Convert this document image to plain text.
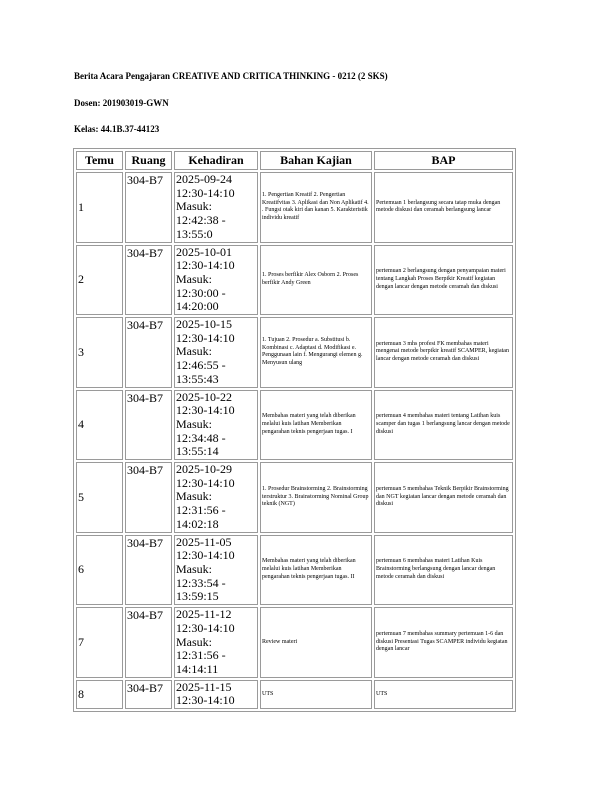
Berita Acara Pengajaran CREATIVE AND CRITICA THINKING - 0212 (2 SKS)
Dosen: 201903019-GWN
Kelas: 44.1B.37-44123
Temu	Ruang	Kehadiran	Bahan Kajian	BAP
1	304-B7	2025-09-24
12:30-14:10
Masuk:
12:42:38 -
13:55:0	1. Pengertian Kreatif 2. Pengertian Kreatifvitas 3. Aplikasi dan Non Aplikatif 4. . Fungsi otak kiri dan kanan 5. Karakteristik individu kreatif	Pertemuan 1 berlangsung secara tatap muka dengan metode diskusi dan ceramah berlangsung lancar
2	304-B7	2025-10-01
12:30-14:10
Masuk:
12:30:00 -
14:20:00	1. Proses berfikir Alex Osborn 2. Proses berfikir Andy Green	pertemuan 2 berlangsung dengan penyampaian materi tentang Langkah Proses Berpikir Kreatif kegiatan dengan lancar dengan metode ceramah dan diskusi
3	304-B7	2025-10-15
12:30-14:10
Masuk:
12:46:55 -
13:55:43	1. Tujuan 2. Prosedur a. Substitusi b. Kombinasi c. Adaptasi d. Modifikasi e. Penggunaan lain f. Mengurangi elemen g. Menyusun ulang	pertemuan 3 mhs profesi FK membahas materi mengenai metode berpikir kreatif SCAMPER, kegiatan lancar dengan metode ceramah dan diskusi
4	304-B7	2025-10-22
12:30-14:10
Masuk:
12:34:48 -
13:55:14	Membahas materi yang telah diberikan melalui kuis latihan Memberikan pengarahan teknis pengerjaan tugas. I	pertemuan 4 membahas materi tentang Latihan kuis scamper dan tugas 1 berlangsung lancar dengan metode diskusi
5	304-B7	2025-10-29
12:30-14:10
Masuk:
12:31:56 -
14:02:18	1. Prosedur Brainstorming 2. Brainstorming terstruktur 3. Brainstorming Nominal Group teknik (NGT)	pertemuan 5 membahas Teknik Berpikir Brainstorming dan NGT kegiatan lancar dengan metode ceramah dan diskusi
6	304-B7	2025-11-05
12:30-14:10
Masuk:
12:33:54 -
13:59:15	Membahas materi yang telah diberikan melalui kuis latihan Memberikan pengarahan teknis pengerjaan tugas. II	pertemuan 6 membahas materi Latihan Kuis Brainstorming berlangsung dengan lancar dengan metode ceramah dan diskusi
7	304-B7	2025-11-12
12:30-14:10
Masuk:
12:31:56 -
14:14:11	Review materi	pertemuan 7 membahas summary pertemuan 1-6 dan diskusi Presentasi Tugas SCAMPER individu kegiatan dengan lancar
8	304-B7	2025-11-15
12:30-14:10	UTS	UTS
